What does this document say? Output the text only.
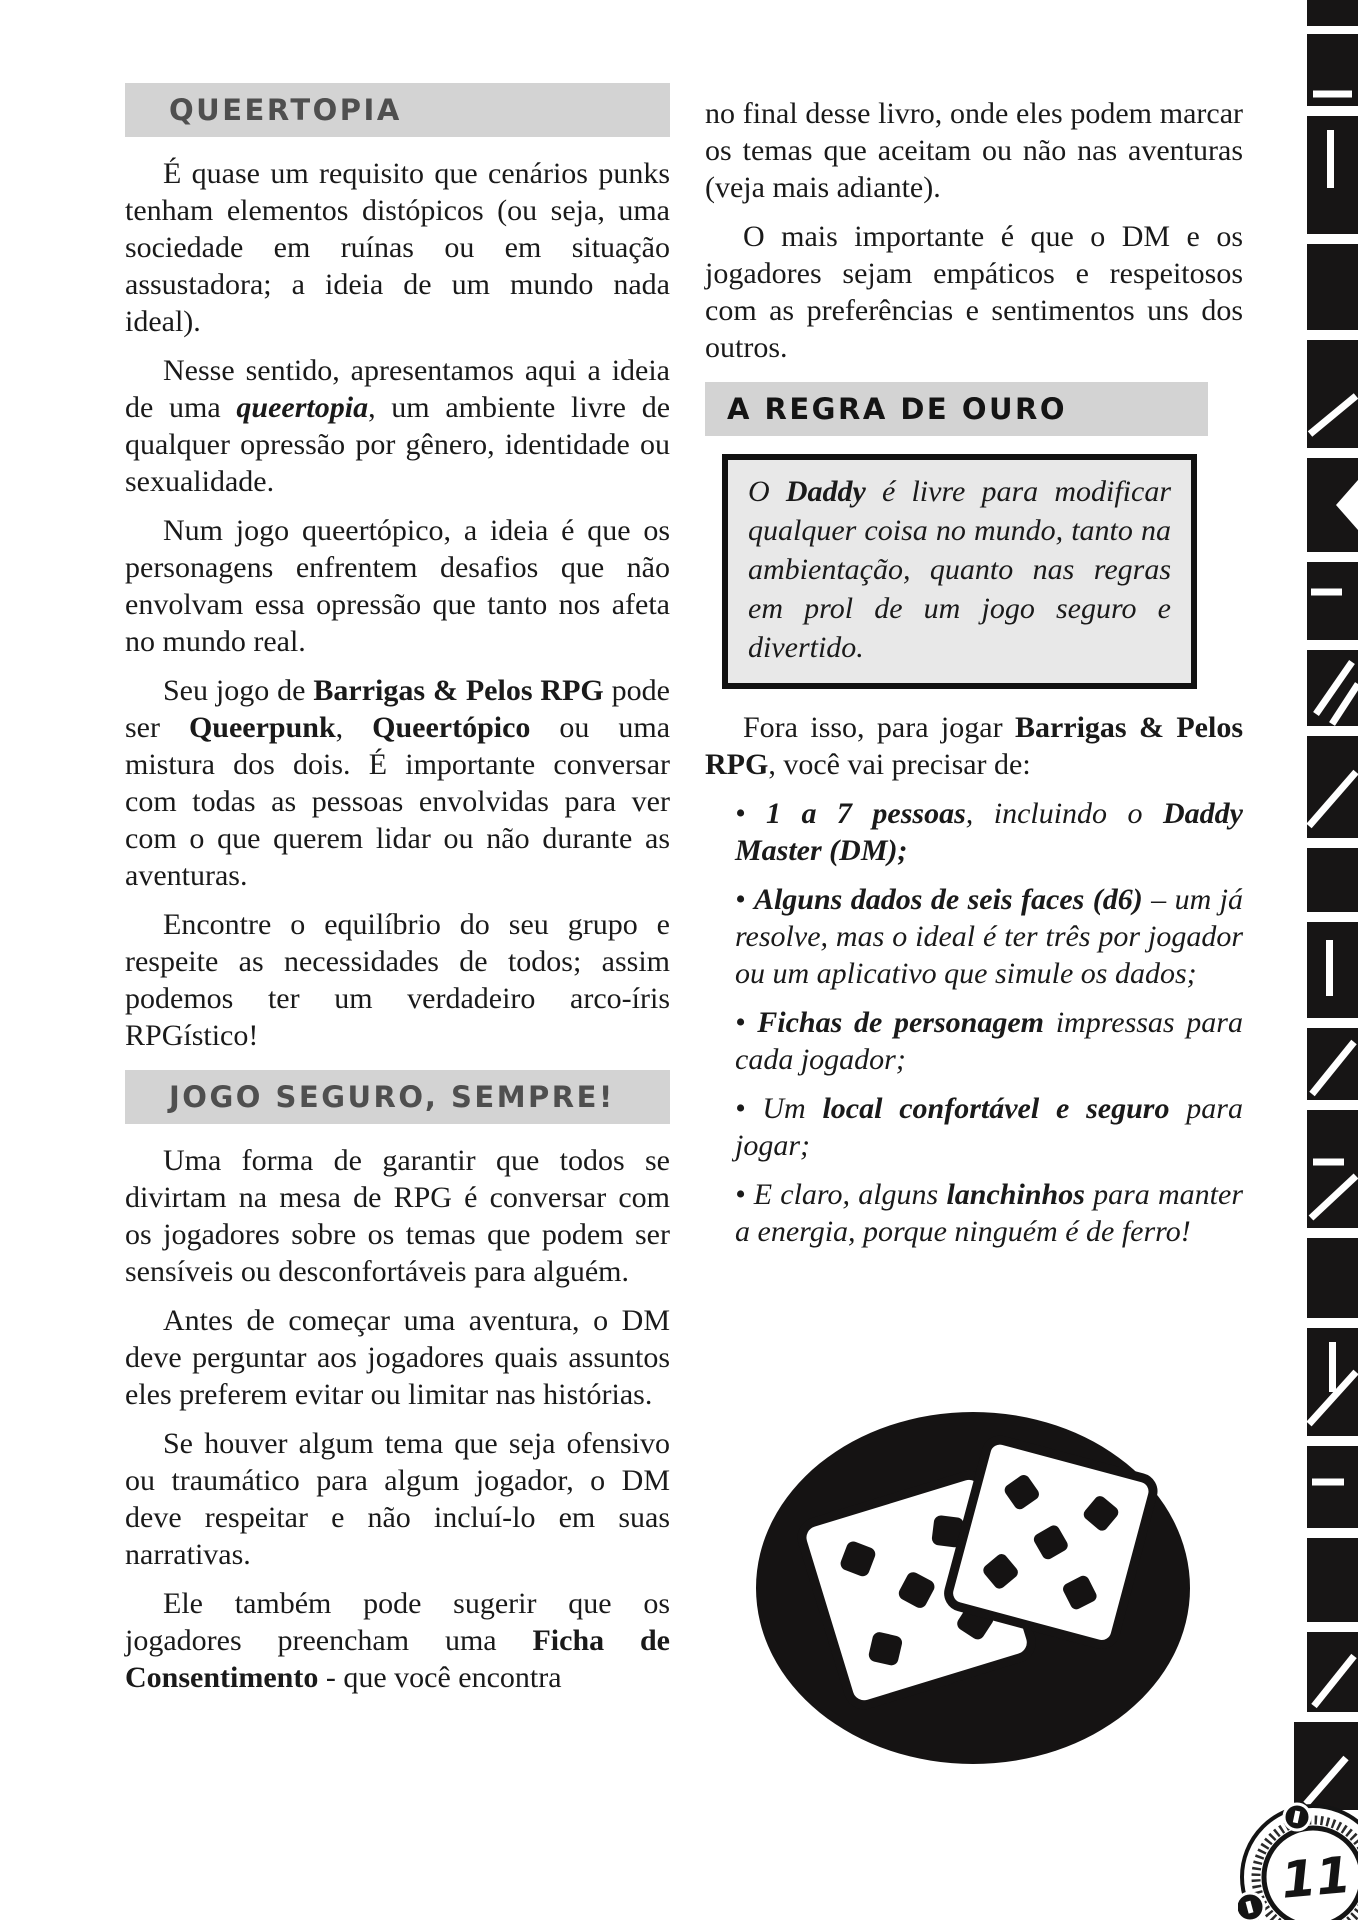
QUEERTOPIA

É quase um requisito que cenários punks tenham elementos distópicos (ou seja, uma sociedade em ruínas ou em situação assustadora; a ideia de um mundo nada ideal).

Nesse sentido, apresentamos aqui a ideia de uma queertopia, um ambiente livre de qualquer opressão por gênero, identidade ou sexualidade.

Num jogo queertópico, a ideia é que os personagens enfrentem desafios que não envolvam essa opressão que tanto nos afeta no mundo real.

Seu jogo de Barrigas & Pelos RPG pode ser Queerpunk, Queertópico ou uma mistura dos dois. É importante conversar com todas as pessoas envolvidas para ver com o que querem lidar ou não durante as aventuras.

Encontre o equilíbrio do seu grupo e respeite as necessidades de todos; assim podemos ter um verdadeiro arco-íris RPGístico!

JOGO SEGURO, SEMPRE!

Uma forma de garantir que todos se divirtam na mesa de RPG é conversar com os jogadores sobre os temas que podem ser sensíveis ou desconfortáveis para alguém.

Antes de começar uma aventura, o DM deve perguntar aos jogadores quais assuntos eles preferem evitar ou limitar nas histórias.

Se houver algum tema que seja ofensivo ou traumático para algum jogador, o DM deve respeitar e não incluí-lo em suas narrativas.

Ele também pode sugerir que os jogadores preencham uma Ficha de Consentimento - que você encontra

no final desse livro, onde eles podem marcar os temas que aceitam ou não nas aventuras (veja mais adiante).

O mais importante é que o DM e os jogadores sejam empáticos e respeitosos com as preferências e sentimentos uns dos outros.

A REGRA DE OURO

O Daddy é livre para modificar qualquer coisa no mundo, tanto na ambientação, quanto nas regras em prol de um jogo seguro e divertido.

Fora isso, para jogar Barrigas & Pelos RPG, você vai precisar de:

• 1 a 7 pessoas, incluindo o Daddy Master (DM);

• Alguns dados de seis faces (d6) – um já resolve, mas o ideal é ter três por jogador ou um aplicativo que simule os dados;

• Fichas de personagem impressas para cada jogador;

• Um local confortável e seguro para jogar;

• E claro, alguns lanchinhos para manter a energia, porque ninguém é de ferro!

11
